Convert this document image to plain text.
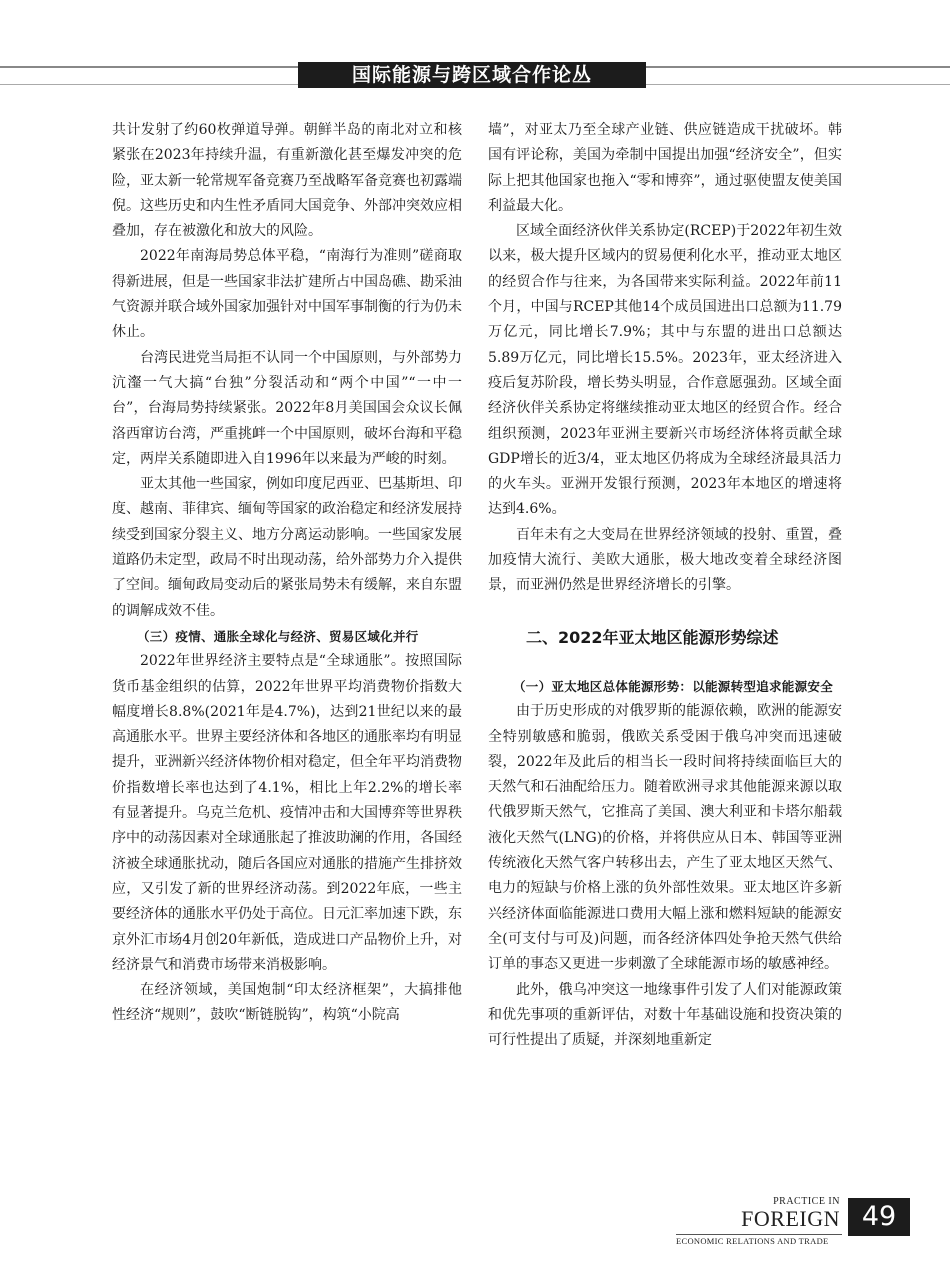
国际能源与跨区域合作论丛

共计发射了约60枚弹道导弹。朝鲜半岛的南北对立和核紧张在2023年持续升温，有重新激化甚至爆发冲突的危险，亚太新一轮常规军备竞赛乃至战略军备竞赛也初露端倪。这些历史和内生性矛盾同大国竞争、外部冲突效应相叠加，存在被激化和放大的风险。

2022年南海局势总体平稳，“南海行为准则”磋商取得新进展，但是一些国家非法扩建所占中国岛礁、勘采油气资源并联合域外国家加强针对中国军事制衡的行为仍未休止。

台湾民进党当局拒不认同一个中国原则，与外部势力沆瀣一气大搞“台独”分裂活动和“两个中国”“一中一台”，台海局势持续紧张。2022年8月美国国会众议长佩洛西窜访台湾，严重挑衅一个中国原则，破坏台海和平稳定，两岸关系随即进入自1996年以来最为严峻的时刻。

亚太其他一些国家，例如印度尼西亚、巴基斯坦、印度、越南、菲律宾、缅甸等国家的政治稳定和经济发展持续受到国家分裂主义、地方分离运动影响。一些国家发展道路仍未定型，政局不时出现动荡，给外部势力介入提供了空间。缅甸政局变动后的紧张局势未有缓解，来自东盟的调解成效不佳。

（三）疫情、通胀全球化与经济、贸易区域化并行

2022年世界经济主要特点是“全球通胀”。按照国际货币基金组织的估算，2022年世界平均消费物价指数大幅度增长8.8%(2021年是4.7%)，达到21世纪以来的最高通胀水平。世界主要经济体和各地区的通胀率均有明显提升，亚洲新兴经济体物价相对稳定，但全年平均消费物价指数增长率也达到了4.1%，相比上年2.2%的增长率有显著提升。乌克兰危机、疫情冲击和大国博弈等世界秩序中的动荡因素对全球通胀起了推波助澜的作用，各国经济被全球通胀扰动，随后各国应对通胀的措施产生排挤效应，又引发了新的世界经济动荡。到2022年底，一些主要经济体的通胀水平仍处于高位。日元汇率加速下跌，东京外汇市场4月创20年新低，造成进口产品物价上升，对经济景气和消费市场带来消极影响。

在经济领域，美国炮制“印太经济框架”，大搞排他性经济“规则”，鼓吹“断链脱钩”，构筑“小院高

墙”，对亚太乃至全球产业链、供应链造成干扰破坏。韩国有评论称，美国为牵制中国提出加强“经济安全”，但实际上把其他国家也拖入“零和博弈”，通过驱使盟友使美国利益最大化。

区域全面经济伙伴关系协定(RCEP)于2022年初生效以来，极大提升区域内的贸易便利化水平，推动亚太地区的经贸合作与往来，为各国带来实际利益。2022年前11个月，中国与RCEP其他14个成员国进出口总额为11.79万亿元，同比增长7.9%；其中与东盟的进出口总额达5.89万亿元，同比增长15.5%。2023年，亚太经济进入疫后复苏阶段，增长势头明显，合作意愿强劲。区域全面经济伙伴关系协定将继续推动亚太地区的经贸合作。经合组织预测，2023年亚洲主要新兴市场经济体将贡献全球GDP增长的近3/4，亚太地区仍将成为全球经济最具活力的火车头。亚洲开发银行预测，2023年本地区的增速将达到4.6%。

百年未有之大变局在世界经济领域的投射、重置，叠加疫情大流行、美欧大通胀，极大地改变着全球经济图景，而亚洲仍然是世界经济增长的引擎。

二、2022年亚太地区能源形势综述

（一）亚太地区总体能源形势：以能源转型追求能源安全

由于历史形成的对俄罗斯的能源依赖，欧洲的能源安全特别敏感和脆弱，俄欧关系受困于俄乌冲突而迅速破裂，2022年及此后的相当长一段时间将持续面临巨大的天然气和石油配给压力。随着欧洲寻求其他能源来源以取代俄罗斯天然气，它推高了美国、澳大利亚和卡塔尔船载液化天然气(LNG)的价格，并将供应从日本、韩国等亚洲传统液化天然气客户转移出去，产生了亚太地区天然气、电力的短缺与价格上涨的负外部性效果。亚太地区许多新兴经济体面临能源进口费用大幅上涨和燃料短缺的能源安全(可支付与可及)问题，而各经济体四处争抢天然气供给订单的事态又更进一步刺激了全球能源市场的敏感神经。

此外，俄乌冲突这一地缘事件引发了人们对能源政策和优先事项的重新评估，对数十年基础设施和投资决策的可行性提出了质疑，并深刻地重新定

PRACTICE IN
FOREIGN
ECONOMIC RELATIONS AND TRADE
49
